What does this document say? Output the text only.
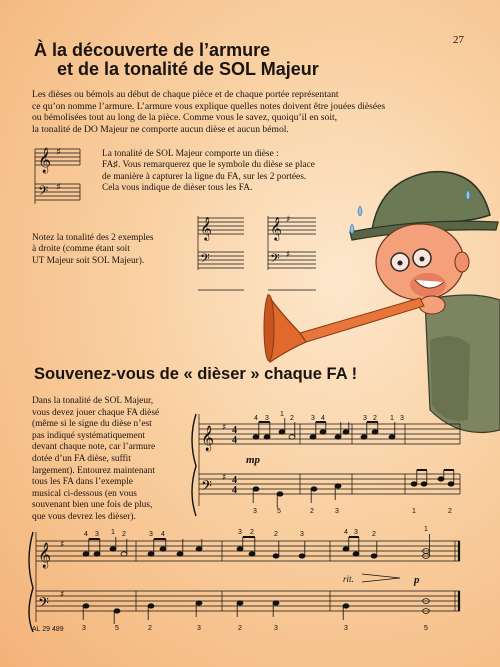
27
À la découverte de l’armure
et de la tonalité de SOL Majeur
Les dièses ou bémols au début de chaque pièce et de chaque portée représentant
ce qu’on nomme l’armure. L’armure vous explique quelles notes doivent être jouées dièsées
ou bémolisées tout au long de la pièce. Comme vous le savez, quoiqu’il en soit,
la tonalité de DO Majeur ne comporte aucun dièse et aucun bémol.
La tonalité de SOL Majeur comporte un dièse :
FA♯. Vous remarquerez que le symbole du dièse se place
de manière à capturer la ligne du FA, sur les 2 portées.
Cela vous indique de dièser tous les FA.
Notez la tonalité des 2 exemples
à droite (comme étant soit
UT Majeur soit SOL Majeur).
Souvenez-vous de « dièser » chaque FA !
Dans la tonalité de SOL Majeur,
vous devez jouer chaque FA dièsé
(même si le signe du dièse n’est
pas indiqué systématiquement
devant chaque note, car l’armure
dotée d’un FA dièse, suffit
largement). Entourez maintenant
tous les FA dans l’exemple
musical ci-dessous (en vous
souvenant bien une fois de plus,
que vous devrez les dièser).
AL 29 489
𝄞
𝄢
♯
♯
𝄞
𝄢
𝄞
𝄢
♯
♯
𝄞
𝄢
♯
♯
4
4
4
4
mp
4 3
1
2 3 4	3 2 1 3
3	5	2	3	1	2
𝄞
𝄢
♯
♯
rit.	p
4 3 1 2	3 4	3 2	2	3	4 3 2
1
3	5	2	3	2	3	3	5
